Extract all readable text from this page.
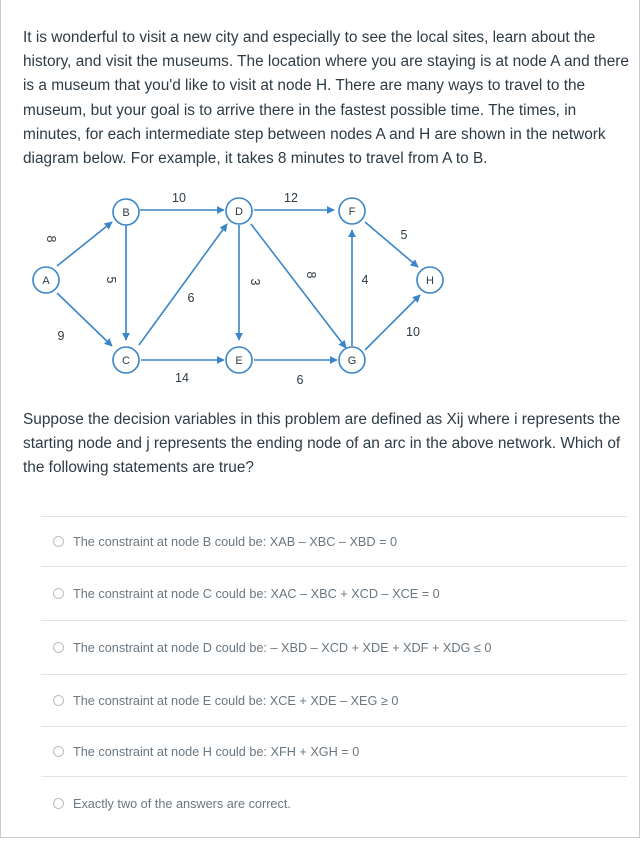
It is wonderful to visit a new city and especially to see the local sites, learn about the history, and visit the museums. The location where you are staying is at node A and there is a museum that you'd like to visit at node H. There are many ways to travel to the museum, but your goal is to arrive there in the fastest possible time. The times, in minutes, for each intermediate step between nodes A and H are shown in the network diagram below. For example, it takes 8 minutes to travel from A to B.

A
B
C
D
E
F
G
H
8
9
10
5
6
14
3
12
8
6
4
5
10

Suppose the decision variables in this problem are defined as Xij where i represents the starting node and j represents the ending node of an arc in the above network. Which of the following statements are true?

The constraint at node B could be: XAB – XBC – XBD = 0
The constraint at node C could be: XAC – XBC + XCD – XCE = 0
The constraint at node D could be: – XBD – XCD + XDE + XDF + XDG ≤ 0
The constraint at node E could be: XCE + XDE – XEG ≥ 0
The constraint at node H could be: XFH + XGH = 0
Exactly two of the answers are correct.
